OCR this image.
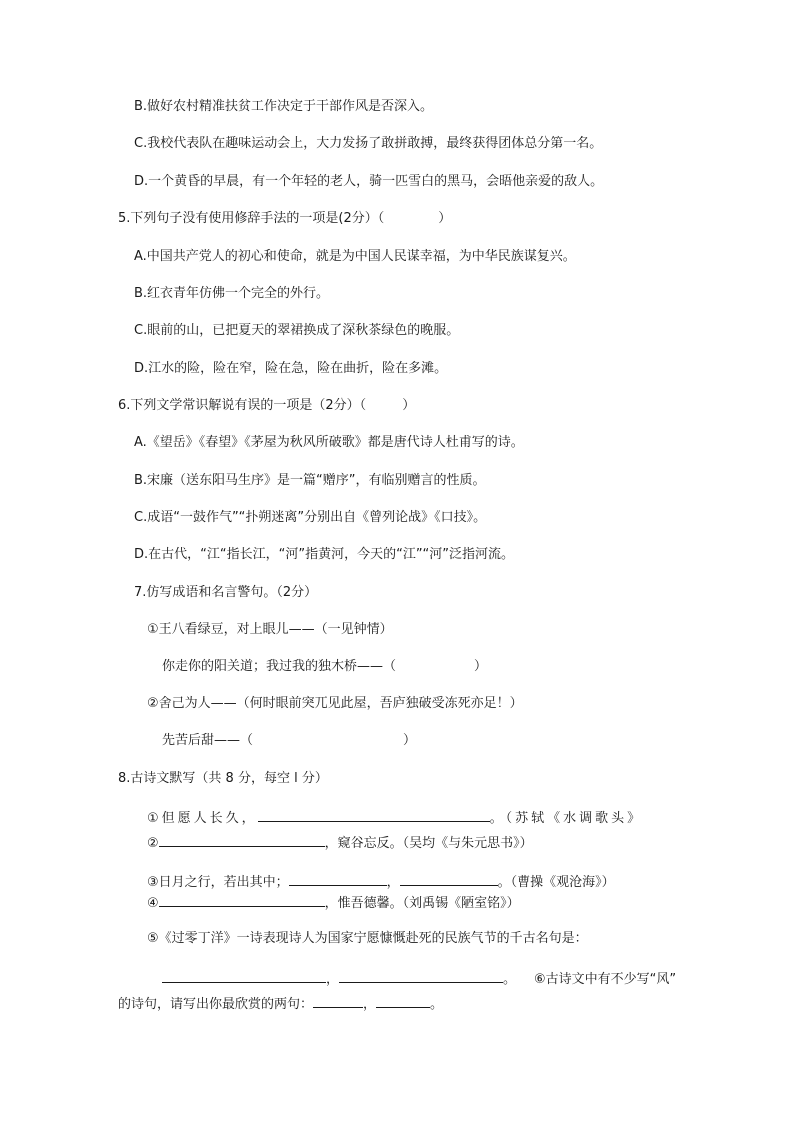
B.做好农村精准扶贫工作决定于干部作风是否深入。
C.我校代表队在趣味运动会上，大力发扬了敢拼敢搏，最终获得团体总分第一名。
D.一个黄昏的早晨，有一个年轻的老人，骑一匹雪白的黑马，会晤他亲爱的敌人。
5.下列句子没有使用修辞手法的一项是(2分）（	）
A.中国共产党人的初心和使命，就是为中国人民谋幸福，为中华民族谋复兴。
B.红衣青年仿佛一个完全的外行。
C.眼前的山，已把夏天的翠裙换成了深秋茶绿色的晚服。
D.江水的险，险在窄，险在急，险在曲折，险在多滩。
6.下列文学常识解说有误的一项是（2分）（	）
A.《望岳》《春望》《茅屋为秋风所破歌》都是唐代诗人杜甫写的诗。
B.宋廉（送东阳马生序》是一篇“赠序”，有临别赠言的性质。
C.成语“一鼓作气”“扑朔迷离”分别出自《曾列论战》《口技》。
D.在古代，“江“指长江，“河”指黄河，今天的“江”“河”泛指河流。
7.仿写成语和名言警句。（2分）
①王八看绿豆，对上眼儿——（一见钟情）
你走你的阳关道；我过我的独木桥——（	）
②舍己为人——（何时眼前突兀见此屋，吾庐独破受冻死亦足！）
先苦后甜——（	）
8.古诗文默写（共 8 分，每空 l 分）
①但愿人长久，	。（苏轼《水调歌头》
②	，窥谷忘反。（吴均《与朱元思书》）
③日月之行，若出其中；	，	。（曹操《观沧海》）
④	，惟吾德馨。（刘禹锡《陋室铭》）
⑤《过零丁洋》一诗表现诗人为国家宁愿慷慨赴死的民族气节的千古名句是：
，	。 ⑥古诗文中有不少写“风”
的诗句，请写出你最欣赏的两句：	，	。
